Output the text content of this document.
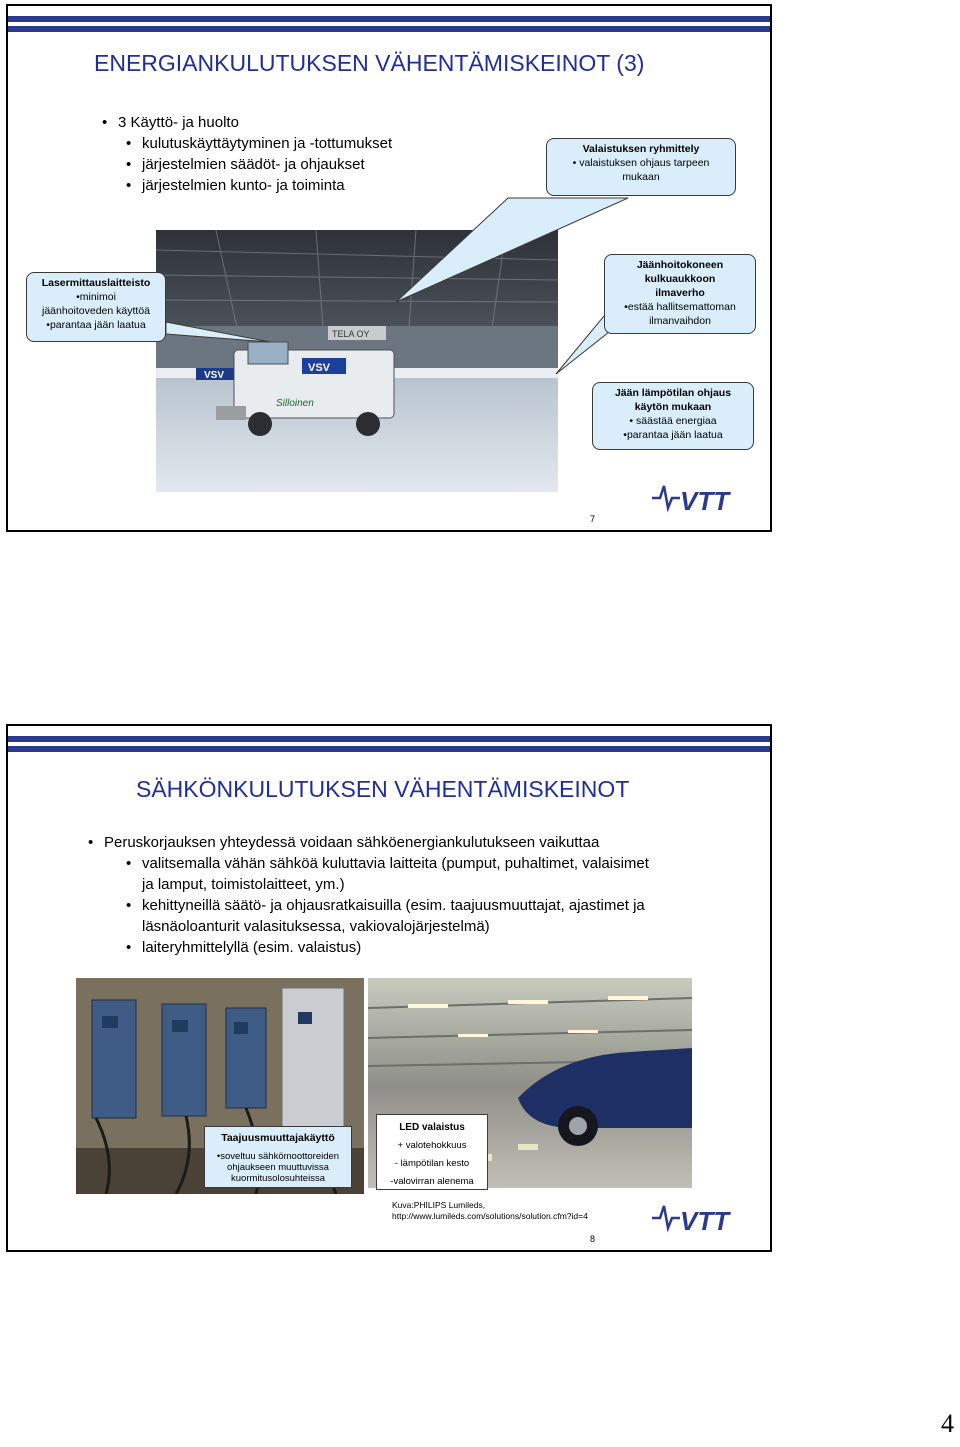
ENERGIANKULUTUKSEN VÄHENTÄMISKEINOT (3)
• 3 Käyttö- ja huolto
• kulutuskäyttäytyminen ja -tottumukset
• järjestelmien säädöt- ja ohjaukset
• järjestelmien kunto- ja toiminta
VSV
TELA OY
VSV
Silloinen
Valaistuksen ryhmittely
• valaistuksen ohjaus tarpeen
mukaan
Lasermittauslaitteisto
•minimoi
jäänhoitoveden käyttöä
•parantaa jään laatua
Jäänhoitokoneen
kulkuaukkoon
ilmaverho
•estää hallitsemattoman
ilmanvaihdon
Jään lämpötilan ohjaus
käytön mukaan
• säästää energiaa
•parantaa jään laatua
VTT
7
SÄHKÖNKULUTUKSEN VÄHENTÄMISKEINOT
• Peruskorjauksen yhteydessä voidaan sähköenergiankulutukseen vaikuttaa
• valitsemalla vähän sähköä kuluttavia laitteita (pumput, puhaltimet, valaisimet
ja lamput, toimistolaitteet, ym.)
• kehittyneillä säätö- ja ohjausratkaisuilla (esim. taajuusmuuttajat, ajastimet ja
läsnäoloanturit valasituksessa, vakiovalojärjestelmä)
• laiteryhmittelyllä (esim. valaistus)
Taajuusmuuttajakäyttö
•soveltuu sähkömoottoreiden
ohjaukseen muuttuvissa
kuormitusolosuhteissa
LED valaistus
+ valotehokkuus
- lämpötilan kesto
-valovirran alenema
Kuva:PHILIPS Lumileds,
http://www.lumileds.com/solutions/solution.cfm?id=4	VTT
8
4
